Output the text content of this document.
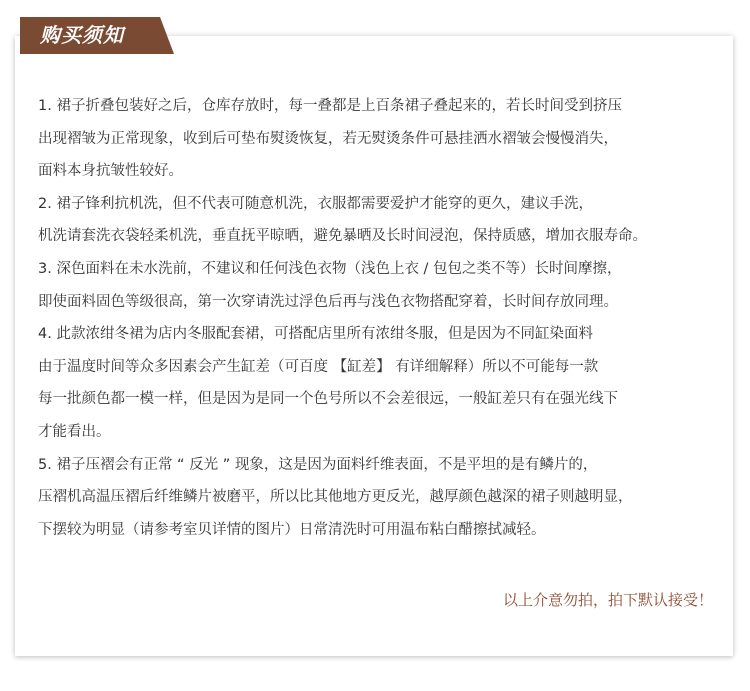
购买须知
1. 裙子折叠包装好之后，仓库存放时，每一叠都是上百条裙子叠起来的，若长时间受到挤压
出现褶皱为正常现象，收到后可垫布熨烫恢复，若无熨烫条件可悬挂洒水褶皱会慢慢消失，
面料本身抗皱性较好。
2. 裙子锋利抗机洗，但不代表可随意机洗，衣服都需要爱护才能穿的更久，建议手洗，
机洗请套洗衣袋轻柔机洗，垂直抚平晾晒，避免暴晒及长时间浸泡，保持质感，增加衣服寿命。
3. 深色面料在未水洗前，不建议和任何浅色衣物（浅色上衣 / 包包之类不等）长时间摩擦，
即使面料固色等级很高，第一次穿请洗过浮色后再与浅色衣物搭配穿着，长时间存放同理。
4. 此款浓绀冬裙为店内冬服配套裙，可搭配店里所有浓绀冬服，但是因为不同缸染面料
由于温度时间等众多因素会产生缸差（可百度 【缸差】 有详细解释）所以不可能每一款
每一批颜色都一模一样，但是因为是同一个色号所以不会差很远，一般缸差只有在强光线下
才能看出。
5. 裙子压褶会有正常 “ 反光 ” 现象，这是因为面料纤维表面，不是平坦的是有鳞片的，
压褶机高温压褶后纤维鳞片被磨平，所以比其他地方更反光，越厚颜色越深的裙子则越明显，
下摆较为明显（请参考室贝详情的图片）日常清洗时可用温布粘白醋擦拭减轻。
以上介意勿拍，拍下默认接受！
